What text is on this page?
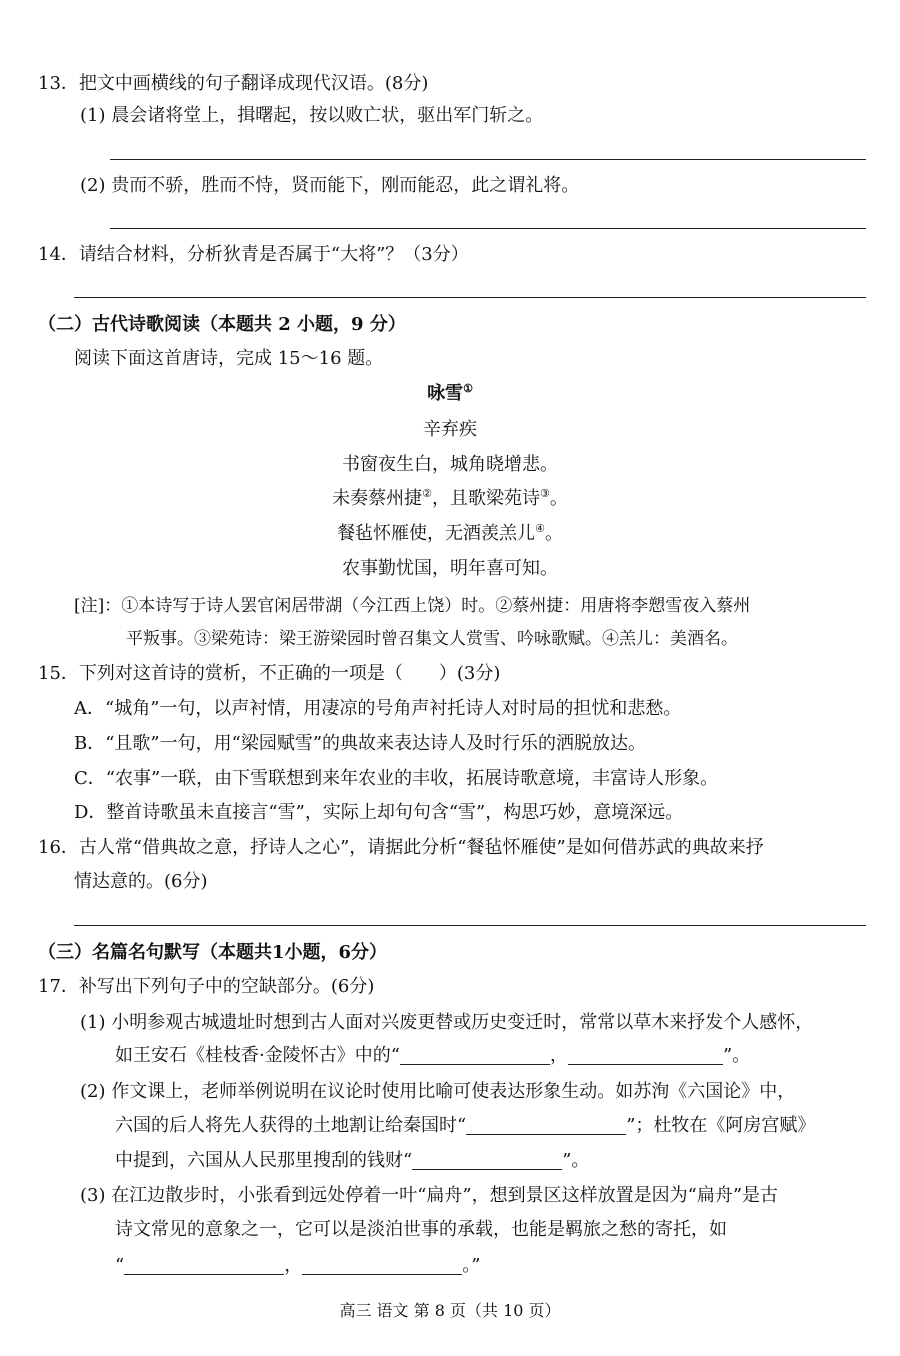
13．把文中画横线的句子翻译成现代汉语。(8分)
(1) 晨会诸将堂上，揖曙起，按以败亡状，驱出军门斩之。
(2) 贵而不骄，胜而不恃，贤而能下，刚而能忍，此之谓礼将。
14．请结合材料，分析狄青是否属于“大将”？（3分）
（二）古代诗歌阅读（本题共 2 小题，9 分）
阅读下面这首唐诗，完成 15～16 题。
咏雪①
辛弃疾
书窗夜生白，城角晓增悲。
未奏蔡州捷②，且歌梁苑诗③。
餐毡怀雁使，无酒羡羔儿④。
农事勤忧国，明年喜可知。
[注]：①本诗写于诗人罢官闲居带湖（今江西上饶）时。②蔡州捷：用唐将李愬雪夜入蔡州
平叛事。③梁苑诗：梁王游梁园时曾召集文人赏雪、吟咏歌赋。④羔儿：美酒名。
15．下列对这首诗的赏析，不正确的一项是（　　）(3分)
A．“城角”一句，以声衬情，用凄凉的号角声衬托诗人对时局的担忧和悲愁。
B．“且歌”一句，用“梁园赋雪”的典故来表达诗人及时行乐的洒脱放达。
C．“农事”一联，由下雪联想到来年农业的丰收，拓展诗歌意境，丰富诗人形象。
D．整首诗歌虽未直接言“雪”，实际上却句句含“雪”，构思巧妙，意境深远。
16．古人常“借典故之意，抒诗人之心”，请据此分析“餐毡怀雁使”是如何借苏武的典故来抒
情达意的。(6分)
（三）名篇名句默写（本题共1小题，6分）
17．补写出下列句子中的空缺部分。(6分)
(1) 小明参观古城遗址时想到古人面对兴废更替或历史变迁时，常常以草木来抒发个人感怀，
如王安石《桂枝香·金陵怀古》中的“	，	”。
(2) 作文课上，老师举例说明在议论时使用比喻可使表达形象生动。如苏洵《六国论》中，
六国的后人将先人获得的土地割让给秦国时“	”；杜牧在《阿房宫赋》
中提到，六国从人民那里搜刮的钱财“	”。
(3) 在江边散步时，小张看到远处停着一叶“扁舟”，想到景区这样放置是因为“扁舟”是古
诗文常见的意象之一，它可以是淡泊世事的承载，也能是羁旅之愁的寄托，如
“	，	。”
高三 语文 第 8 页（共 10 页）
